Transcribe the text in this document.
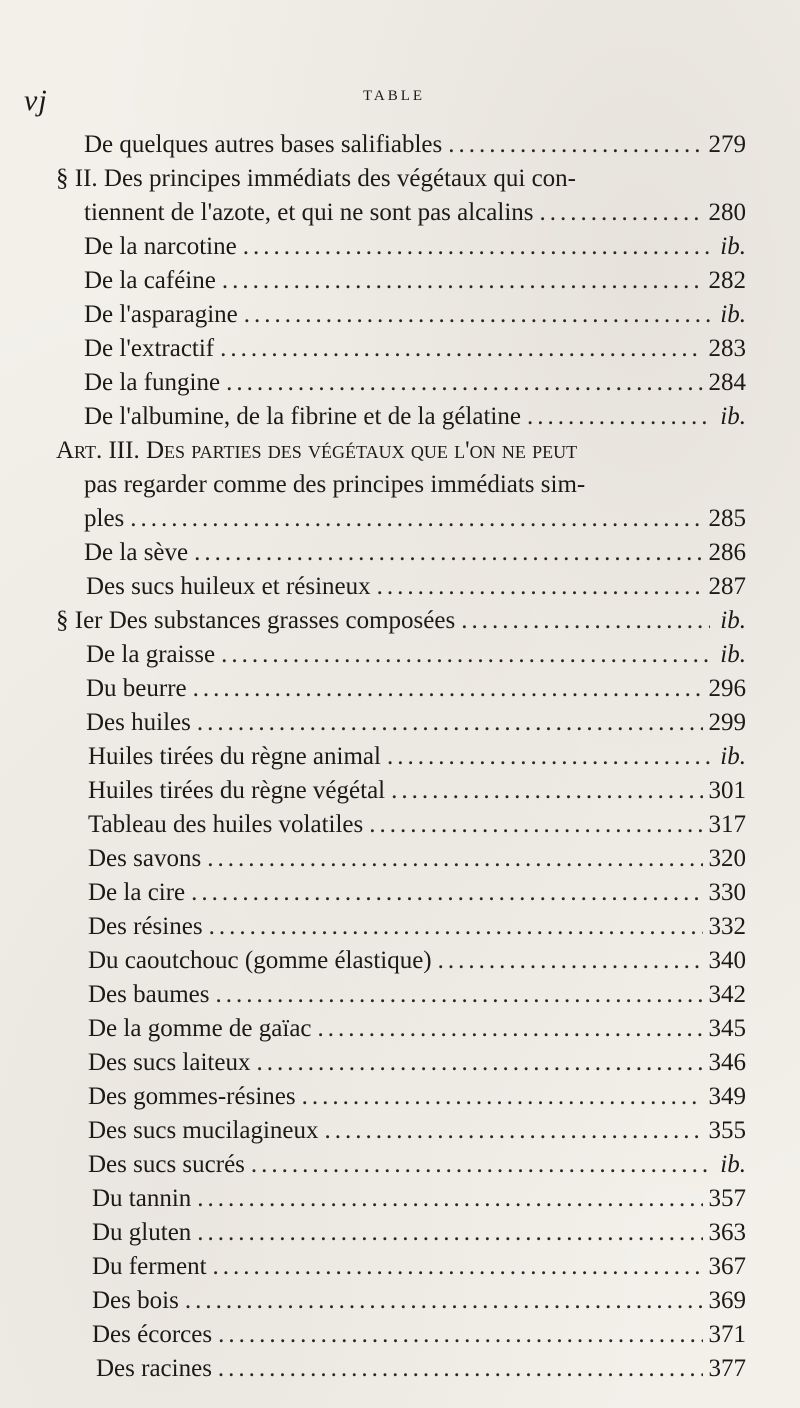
vj	TABLE
De quelques autres bases salifiables .....	279
§ II. Des principes immédiats des végétaux qui con-
tiennent de l'azote, et qui ne sont pas alcalins .....	280
De la narcotine .....	ib.
De la caféine .....	282
De l'asparagine .....	ib.
De l'extractif .....	283
De la fungine .....	284
De l'albumine, de la fibrine et de la gélatine .....	ib.
Art. III. Des parties des végétaux que l'on ne peut
pas regarder comme des principes immédiats sim-
ples .....	285
De la sève .....	286
Des sucs huileux et résineux .....	287
§ Ier Des substances grasses composées .....	ib.
De la graisse .....	ib.
Du beurre .....	296
Des huiles .....	299
Huiles tirées du règne animal .....	ib.
Huiles tirées du règne végétal .....	301
Tableau des huiles volatiles .....	317
Des savons .....	320
De la cire .....	330
Des résines .....	332
Du caoutchouc (gomme élastique) .....	340
Des baumes .....	342
De la gomme de gaïac .....	345
Des sucs laiteux .....	346
Des gommes-résines .....	349
Des sucs mucilagineux .....	355
Des sucs sucrés .....	ib.
Du tannin .....	357
Du gluten .....	363
Du ferment .....	367
Des bois .....	369
Des écorces .....	371
Des racines .....	377
